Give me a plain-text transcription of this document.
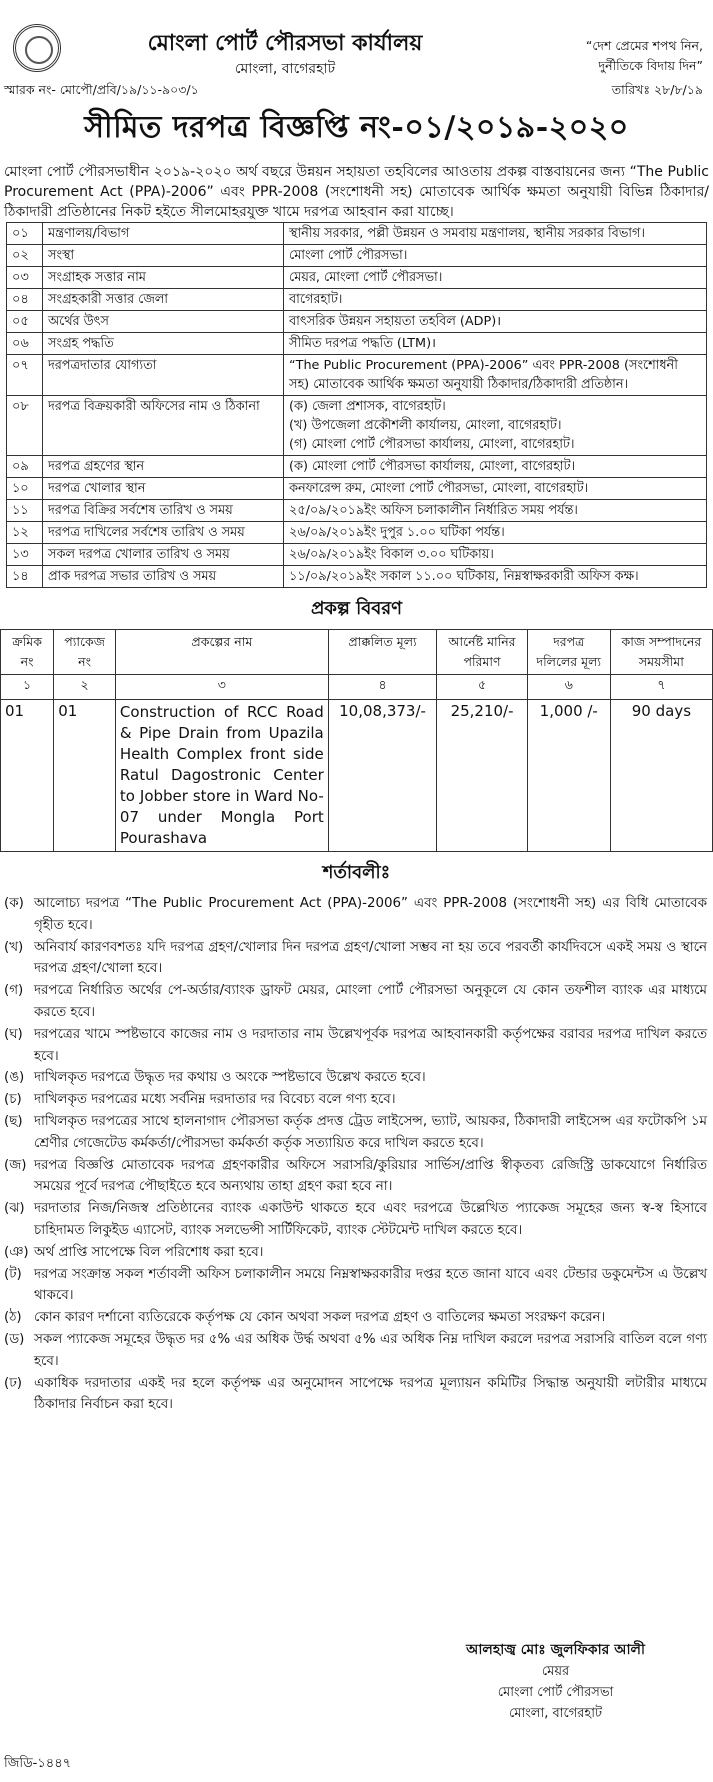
মোংলা পোর্ট পৌরসভা কার্যালয়
মোংলা, বাগেরহাট
“দেশ প্রেমের শপথ নিন,
দুর্নীতিকে বিদায় দিন”
স্মারক নং- মোপৌ/প্রবি/১৯/১১-৯০৩/১	তারিখঃ ২৮/৮/১৯
সীমিত দরপত্র বিজ্ঞপ্তি নং-০১/২০১৯-২০২০
মোংলা পোর্ট পৌরসভাধীন ২০১৯-২০২০ অর্থ বছরে উন্নয়ন সহায়তা তহবিলের আওতায় প্রকল্প বাস্তবায়নের জন্য “The Public Procurement Act (PPA)-2006” এবং PPR-2008 (সংশোধনী সহ) মোতাবেক আর্থিক ক্ষমতা অনুযায়ী বিভিন্ন ঠিকাদার/ঠিকাদারী প্রতিষ্ঠানের নিকট হইতে সীলমোহরযুক্ত খামে দরপত্র আহবান করা যাচ্ছে।
০১	মন্ত্রণালয়/বিভাগ	স্থানীয় সরকার, পল্লী উন্নয়ন ও সমবায় মন্ত্রণালয়, স্থানীয় সরকার বিভাগ।
০২	সংস্থা	মোংলা পোর্ট পৌরসভা।
০৩	সংগ্রাহক সত্তার নাম	মেয়র, মোংলা পোর্ট পৌরসভা।
০৪	সংগ্রহকারী সত্তার জেলা	বাগেরহাট।
০৫	অর্থের উৎস	বাৎসরিক উন্নয়ন সহায়তা তহবিল (ADP)।
০৬	সংগ্রহ পদ্ধতি	সীমিত দরপত্র পদ্ধতি (LTM)।
০৭	দরপত্রদাতার যোগ্যতা	“The Public Procurement (PPA)-2006” এবং PPR-2008 (সংশোধনী সহ) মোতাবেক আর্থিক ক্ষমতা অনুযায়ী ঠিকাদার/ঠিকাদারী প্রতিষ্ঠান।
০৮	দরপত্র বিক্রয়কারী অফিসের নাম ও ঠিকানা	(ক) জেলা প্রশাসক, বাগেরহাট।
(খ) উপজেলা প্রকৌশলী কার্যালয়, মোংলা, বাগেরহাট।
(গ) মোংলা পোর্ট পৌরসভা কার্যালয়, মোংলা, বাগেরহাট।
০৯	দরপত্র গ্রহণের স্থান	(ক) মোংলা পোর্ট পৌরসভা কার্যালয়, মোংলা, বাগেরহাট।
১০	দরপত্র খোলার স্থান	কনফারেন্স রুম, মোংলা পোর্ট পৌরসভা, মোংলা, বাগেরহাট।
১১	দরপত্র বিক্রির সর্বশেষ তারিখ ও সময়	২৫/০৯/২০১৯ইং অফিস চলাকালীন নির্ধারিত সময় পর্যন্ত।
১২	দরপত্র দাখিলের সর্বশেষ তারিখ ও সময়	২৬/০৯/২০১৯ইং দুপুর ১.০০ ঘটিকা পর্যন্ত।
১৩	সকল দরপত্র খোলার তারিখ ও সময়	২৬/০৯/২০১৯ইং বিকাল ৩.০০ ঘটিকায়।
১৪	প্রাক দরপত্র সভার তারিখ ও সময়	১১/০৯/২০১৯ইং সকাল ১১.০০ ঘটিকায়, নিম্নস্বাক্ষরকারী অফিস কক্ষ।
প্রকল্প বিবরণ
ক্রমিক নং	প্যাকেজ নং	প্রকল্পের নাম	প্রাক্কলিত মূল্য	আর্নেষ্ট মানির পরিমাণ	দরপত্র দলিলের মূল্য	কাজ সম্পাদনের সময়সীমা
১	২	৩	৪	৫	৬	৭
01	01	Construction of RCC Road & Pipe Drain from Upazila Health Complex front side Ratul Dagostronic Center to Jobber store in Ward No-07 under Mongla Port Pourashava	10,08,373/-	25,210/-	1,000 /-	90 days
শর্তাবলীঃ
(ক) আলোচ্য দরপত্র “The Public Procurement Act (PPA)-2006” এবং PPR-2008 (সংশোধনী সহ) এর বিধি মোতাবেক গৃহীত হবে।
(খ) অনিবার্য কারণবশতঃ যদি দরপত্র গ্রহণ/খোলার দিন দরপত্র গ্রহণ/খোলা সম্ভব না হয় তবে পরবর্তী কার্যদিবসে একই সময় ও স্থানে দরপত্র গ্রহণ/খোলা হবে।
(গ) দরপত্রে নির্ধারিত অর্থের পে-অর্ডার/ব্যাংক ড্রাফট মেয়র, মোংলা পোর্ট পৌরসভা অনুকূলে যে কোন তফশীল ব্যাংক এর মাধ্যমে করতে হবে।
(ঘ) দরপত্রের খামে স্পষ্টভাবে কাজের নাম ও দরদাতার নাম উল্লেখপূর্বক দরপত্র আহবানকারী কর্তৃপক্ষের বরাবর দরপত্র দাখিল করতে হবে।
(ঙ) দাখিলকৃত দরপত্রে উদ্ধৃত দর কথায় ও অংকে স্পষ্টভাবে উল্লেখ করতে হবে।
(চ) দাখিলকৃত দরপত্রের মধ্যে সর্বনিম্ন দরদাতার দর বিবেচ্য বলে গণ্য হবে।
(ছ) দাখিলকৃত দরপত্রের সাথে হালনাগাদ পৌরসভা কর্তৃক প্রদত্ত ট্রেড লাইসেন্স, ভ্যাট, আয়কর, ঠিকাদারী লাইসেন্স এর ফটোকপি ১ম শ্রেণীর গেজেটেড কর্মকর্তা/পৌরসভা কর্মকর্তা কর্তৃক সত্যায়িত করে দাখিল করতে হবে।
(জ) দরপত্র বিজ্ঞপ্তি মোতাবেক দরপত্র গ্রহণকারীর অফিসে সরাসরি/কুরিয়ার সার্ভিস/প্রাপ্তি স্বীকৃতব্য রেজিস্ট্রি ডাকযোগে নির্ধারিত সময়ের পূর্বে দরপত্র পৌছাইতে হবে অন্যথায় তাহা গ্রহণ করা হবে না।
(ঝ) দরদাতার নিজ/নিজস্ব প্রতিষ্ঠানের ব্যাংক একাউন্ট থাকতে হবে এবং দরপত্রে উল্লেখিত প্যাকেজ সমূহের জন্য স্ব-স্ব হিসাবে চাহিদামত লিকুইড এ্যাসেট, ব্যাংক সলভেন্সী সার্টিফিকেট, ব্যাংক স্টেটমেন্ট দাখিল করতে হবে।
(ঞ) অর্থ প্রাপ্তি সাপেক্ষে বিল পরিশোধ করা হবে।
(ট) দরপত্র সংক্রান্ত সকল শর্তাবলী অফিস চলাকালীন সময়ে নিম্নস্বাক্ষরকারীর দপ্তর হতে জানা যাবে এবং টেন্ডার ডকুমেন্টস এ উল্লেখ থাকবে।
(ঠ) কোন কারণ দর্শানো ব্যতিরেকে কর্তৃপক্ষ যে কোন অথবা সকল দরপত্র গ্রহণ ও বাতিলের ক্ষমতা সংরক্ষণ করেন।
(ড) সকল প্যাকেজ সমূহের উদ্ধৃত দর ৫% এর অধিক উর্দ্ধ অথবা ৫% এর অধিক নিম্ন দাখিল করলে দরপত্র সরাসরি বাতিল বলে গণ্য হবে।
(ঢ) একাধিক দরদাতার একই দর হলে কর্তৃপক্ষ এর অনুমোদন সাপেক্ষে দরপত্র মূল্যায়ন কমিটির সিদ্ধান্ত অনুযায়ী লটারীর মাধ্যমে ঠিকাদার নির্বাচন করা হবে।
আলহাজ্ব মোঃ জুলফিকার আলী
মেয়র
মোংলা পোর্ট পৌরসভা
মোংলা, বাগেরহাট
জিডি-১৪৪৭
